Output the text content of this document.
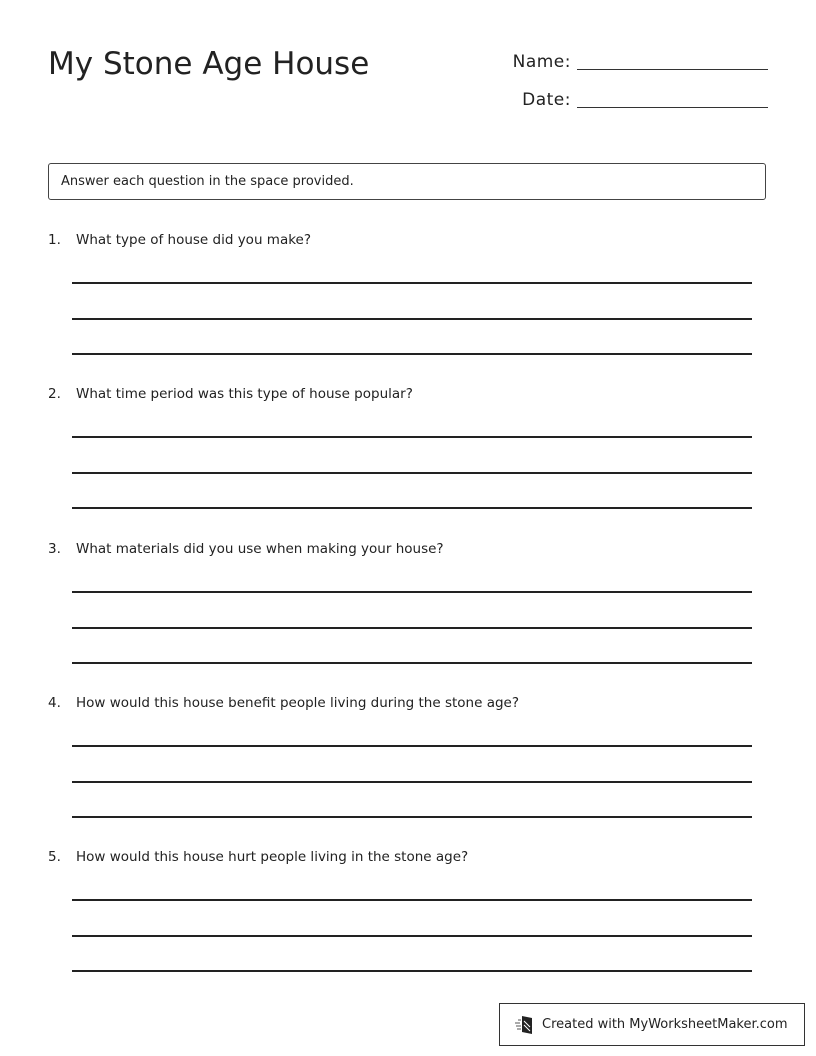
My Stone Age House	Name:
Date:
Answer each question in the space provided.
1.	What type of house did you make?
2.	What time period was this type of house popular?
3.	What materials did you use when making your house?
4.	How would this house benefit people living during the stone age?
5.	How would this house hurt people living in the stone age?
Created with MyWorksheetMaker.com
